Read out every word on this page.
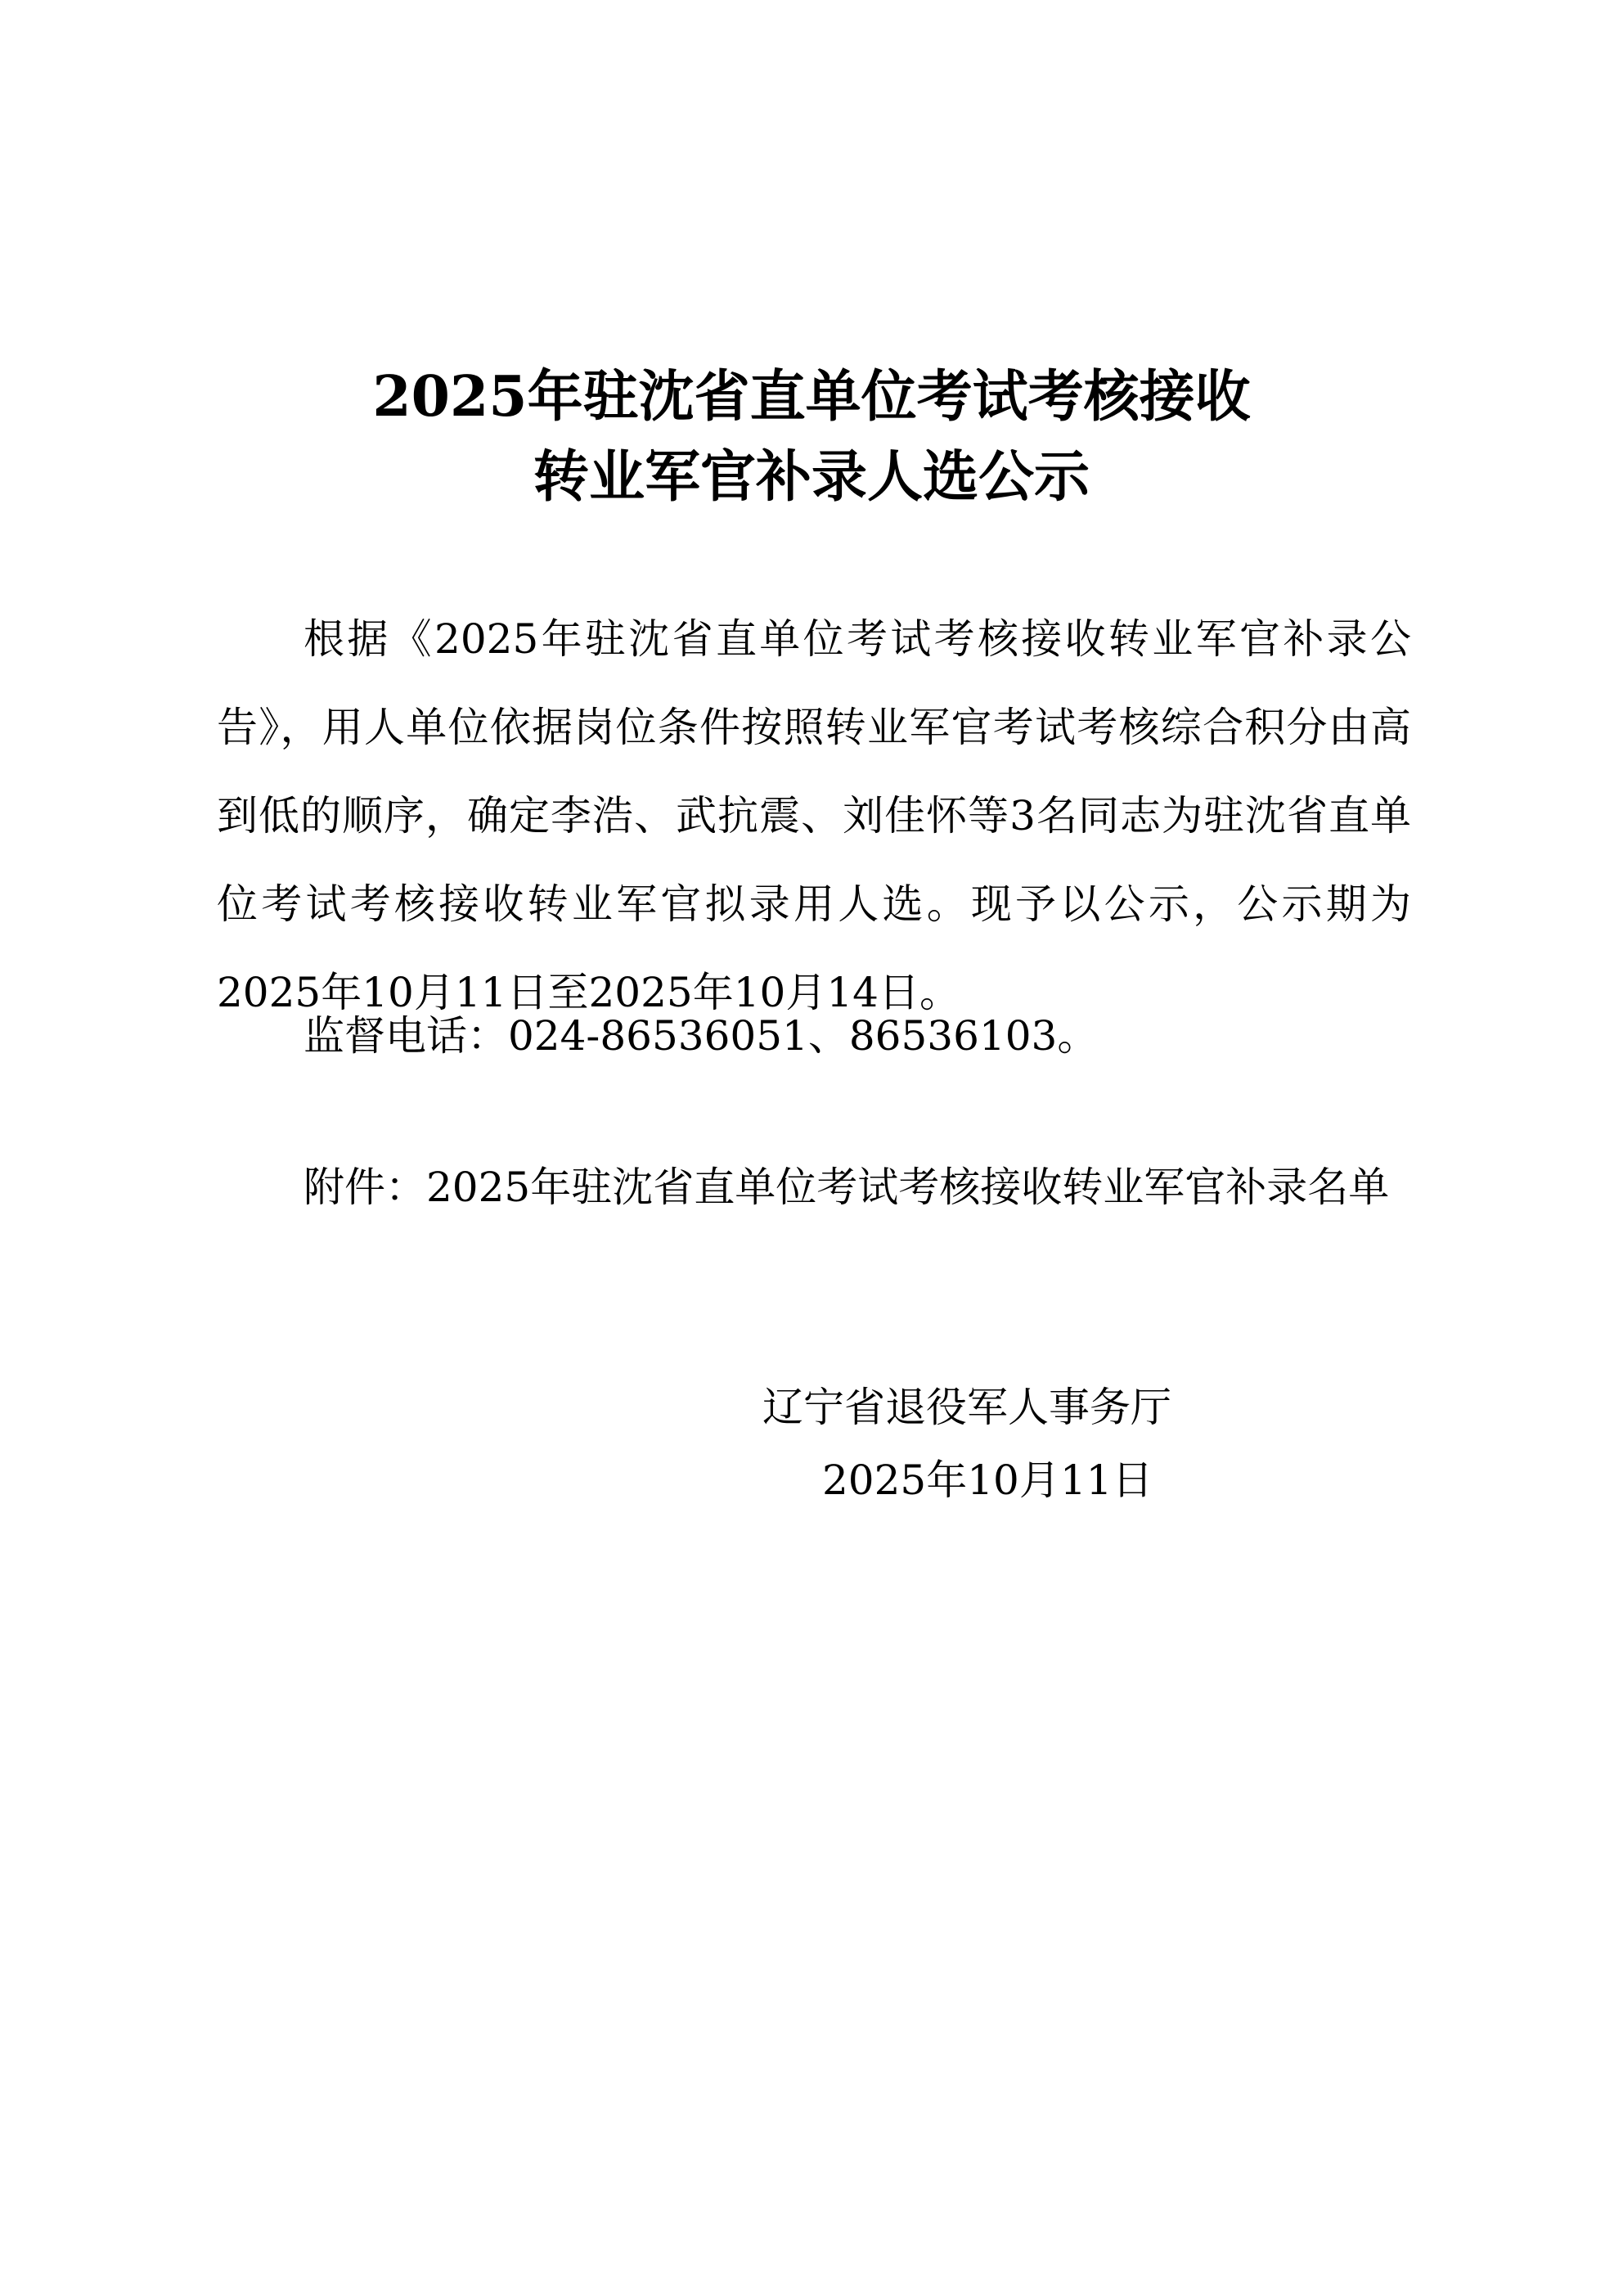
2025年驻沈省直单位考试考核接收
转业军官补录人选公示

根据《2025年驻沈省直单位考试考核接收转业军官补录公告》，用人单位依据岗位条件按照转业军官考试考核综合积分由高到低的顺序，确定李浩、武抗震、刘佳怀等3名同志为驻沈省直单位考试考核接收转业军官拟录用人选。现予以公示，公示期为2025年10月11日至2025年10月14日。

监督电话：024-86536051、86536103。

附件：2025年驻沈省直单位考试考核接收转业军官补录名单

辽宁省退役军人事务厅

2025年10月11日
